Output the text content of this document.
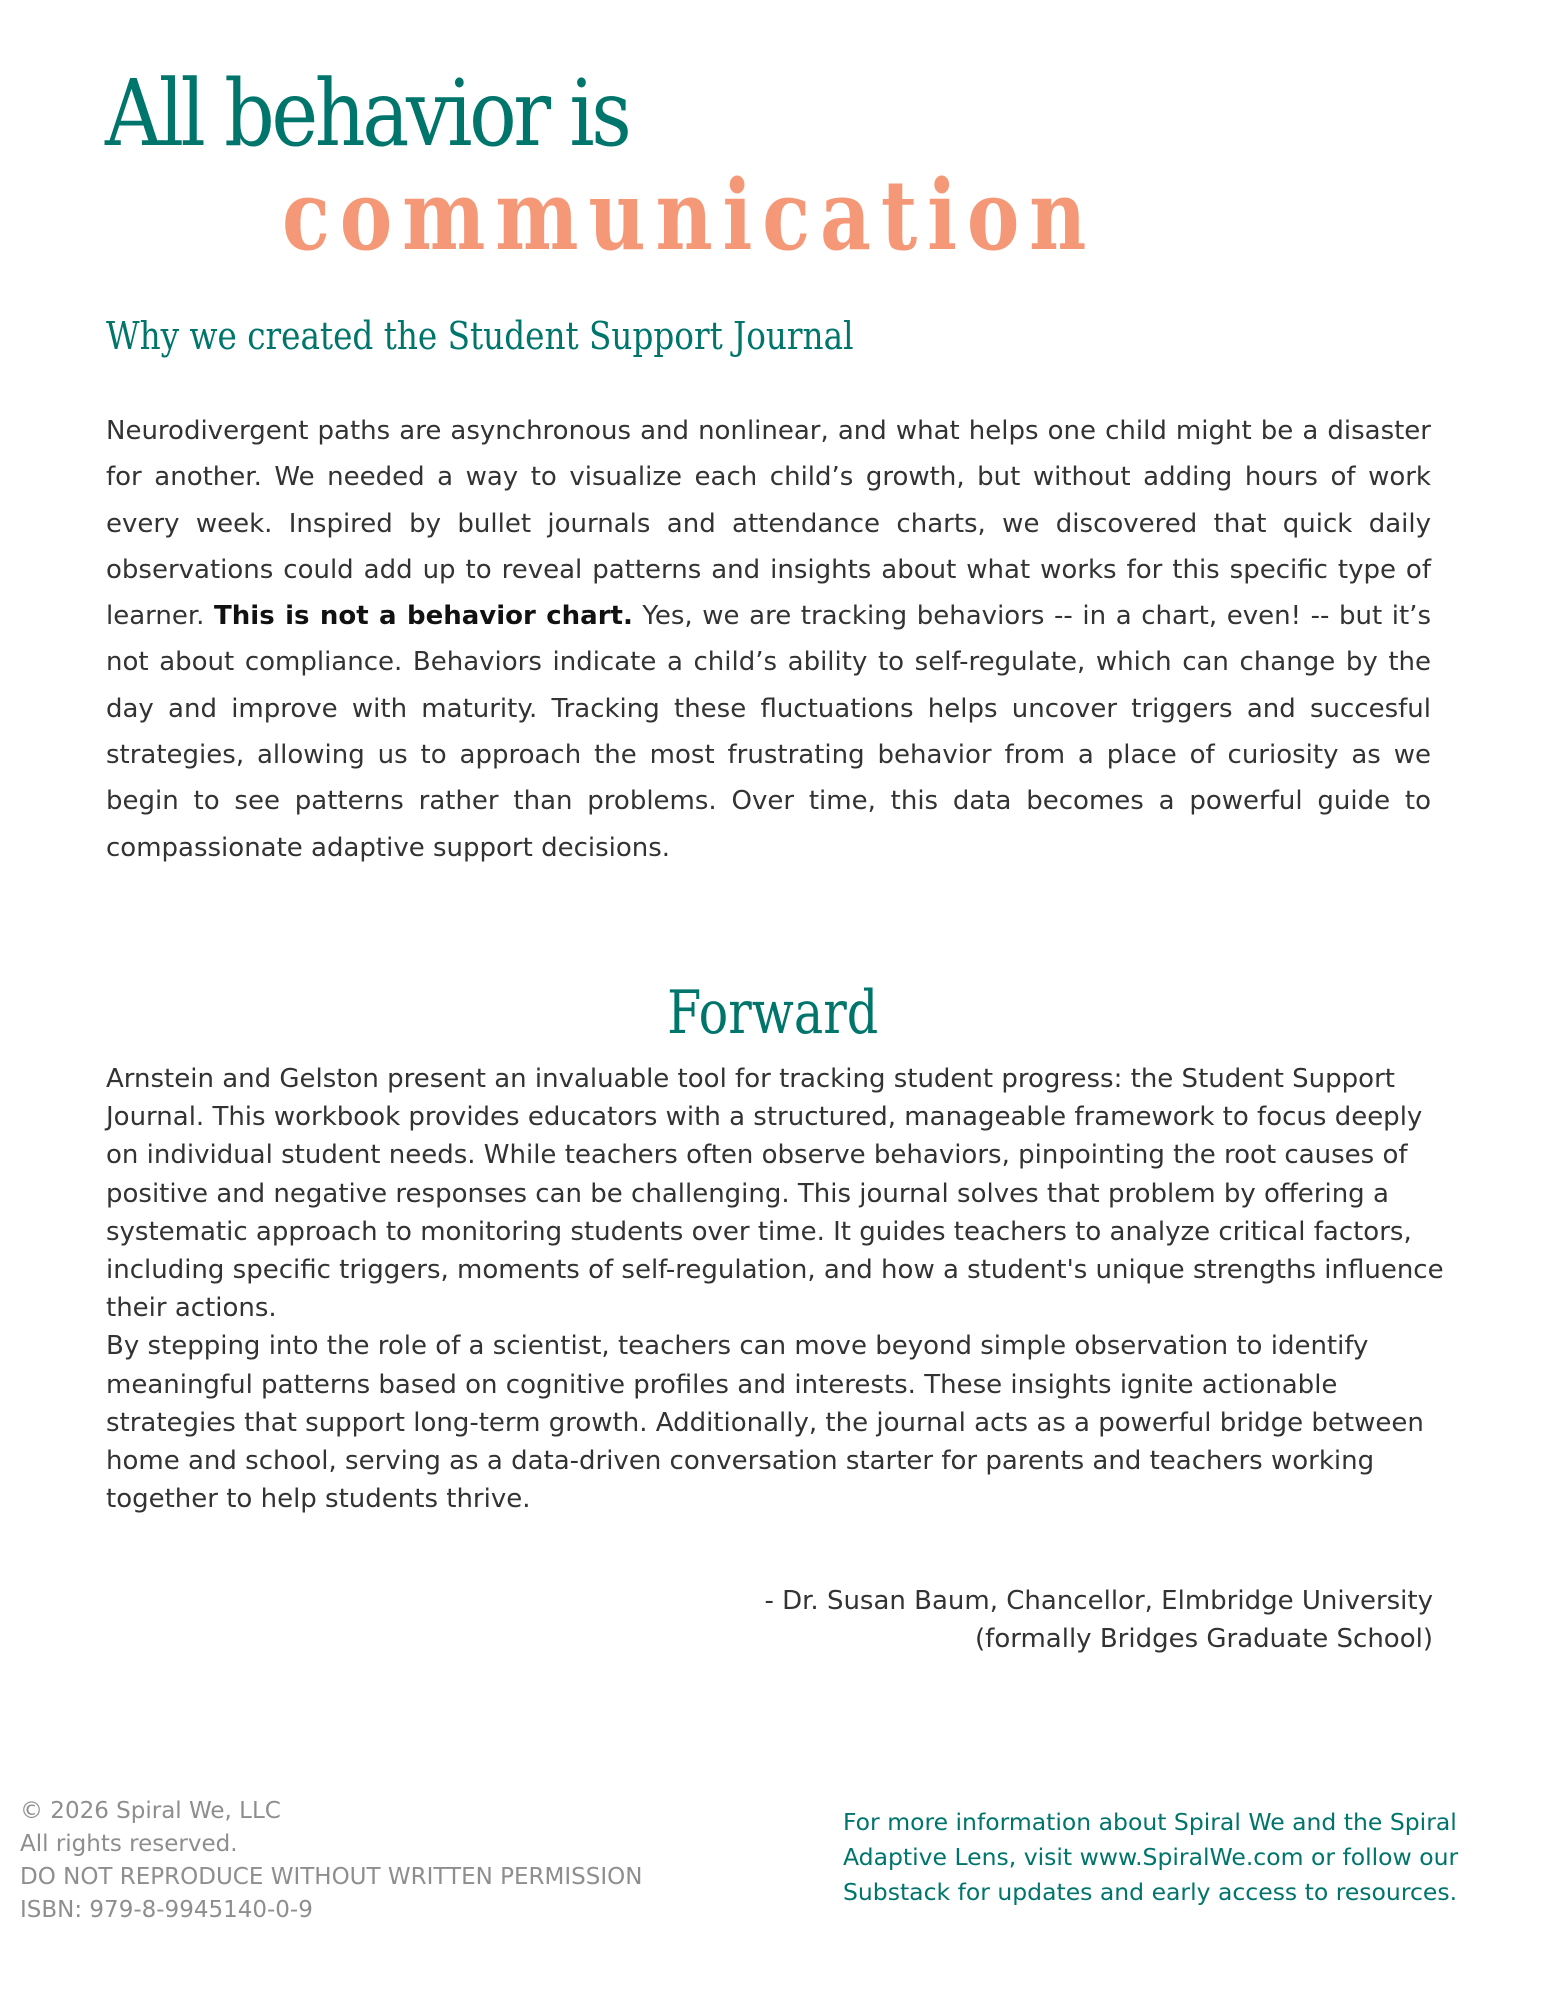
All behavior is
communication
Why we created the Student Support Journal
Neurodivergent paths are asynchronous and nonlinear, and what helps one child might be a disaster for another. We needed a way to visualize each child’s growth, but without adding hours of work every week. Inspired by bullet journals and attendance charts, we discovered that quick daily observations could add up to reveal patterns and insights about what works for this specific type of learner. This is not a behavior chart. Yes, we are tracking behaviors -- in a chart, even! -- but it’s not about compliance. Behaviors indicate a child’s ability to self-regulate, which can change by the day and improve with maturity. Tracking these fluctuations helps uncover triggers and succesful strategies, allowing us to approach the most frustrating behavior from a place of curiosity as we begin to see patterns rather than problems. Over time, this data becomes a powerful guide to compassionate adaptive support decisions.
Forward

Arnstein and Gelston present an invaluable tool for tracking student progress: the Student Support Journal. This workbook provides educators with a structured, manageable framework to focus deeply on individual student needs. While teachers often observe behaviors, pinpointing the root causes of positive and negative responses can be challenging. This journal solves that problem by offering a systematic approach to monitoring students over time. It guides teachers to analyze critical factors, including specific triggers, moments of self-regulation, and how a student's unique strengths influence their actions.

By stepping into the role of a scientist, teachers can move beyond simple observation to identify meaningful patterns based on cognitive profiles and interests. These insights ignite actionable strategies that support long-term growth. Additionally, the journal acts as a powerful bridge between home and school, serving as a data-driven conversation starter for parents and teachers working together to help students thrive.

- Dr. Susan Baum, Chancellor, Elmbridge University
(formally Bridges Graduate School)
© 2026 Spiral We, LLC
All rights reserved.
DO NOT REPRODUCE WITHOUT WRITTEN PERMISSION
ISBN: 979-8-9945140-0-9
For more information about Spiral We and the Spiral Adaptive Lens, visit www.SpiralWe.com or follow our Substack for updates and early access to resources.
